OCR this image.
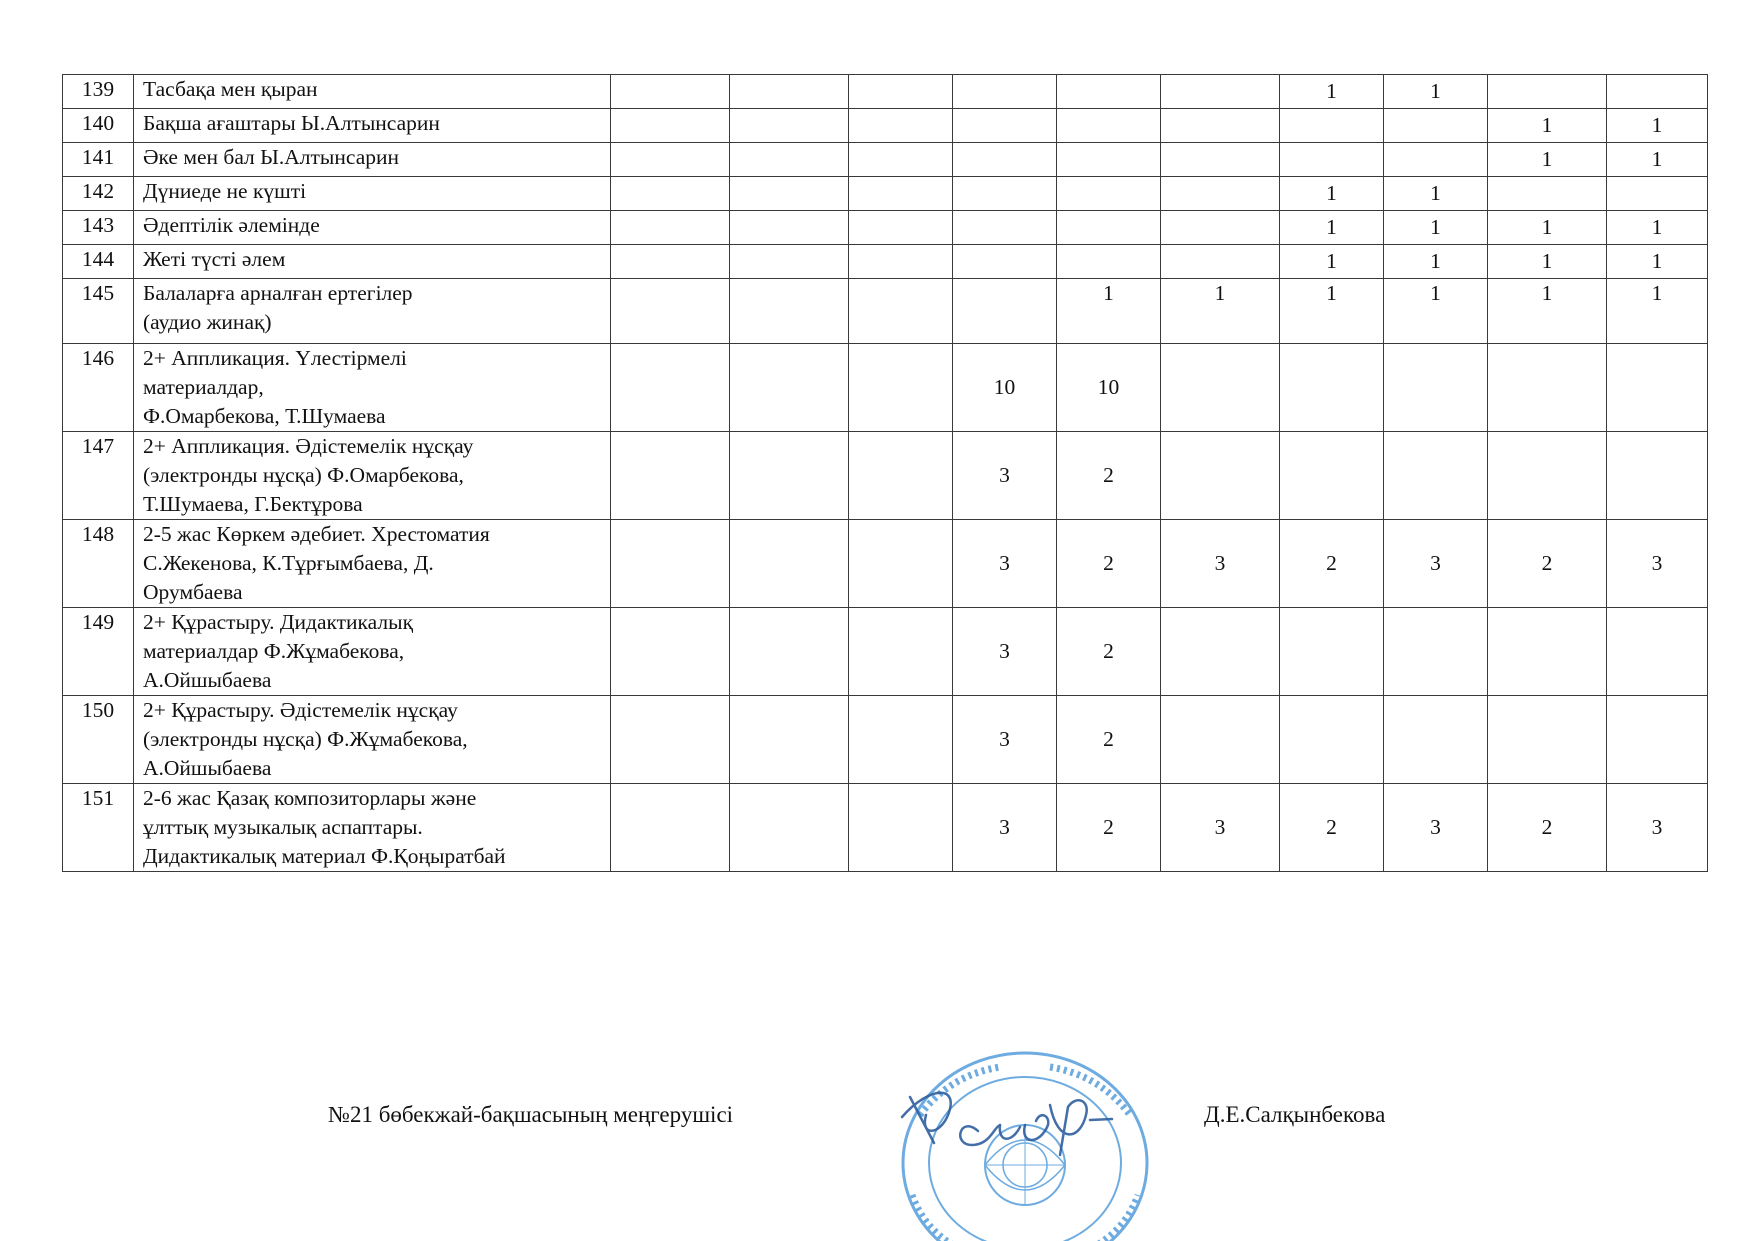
139	Тасбақа мен қыран							1	1		
140	Бақша ағаштары Ы.Алтынсарин									1	1
141	Әке мен бал Ы.Алтынсарин									1	1
142	Дүниеде не күшті							1	1		
143	Әдептілік әлемінде							1	1	1	1
144	Жеті түсті әлем							1	1	1	1
145	Балаларға арналған ертегілер
(аудио жинақ)					1	1	1	1	1	1
146	2+ Аппликация. Үлестірмелі
материалдар,
Ф.Омарбекова, Т.Шумаева				10	10					
147	2+ Аппликация. Әдістемелік нұсқау
(электронды нұсқа) Ф.Омарбекова,
Т.Шумаева, Г.Бектұрова				3	2					
148	2-5 жас Көркем әдебиет. Хрестоматия
С.Жекенова, К.Тұрғымбаева, Д.
Орумбаева				3	2	3	2	3	2	3
149	2+ Құрастыру. Дидактикалық
материалдар Ф.Жұмабекова,
А.Ойшыбаева				3	2					
150	2+ Құрастыру. Әдістемелік нұсқау
(электронды нұсқа) Ф.Жұмабекова,
А.Ойшыбаева				3	2					
151	2-6 жас Қазақ композиторлары және
ұлттық музыкалық аспаптары.
Дидактикалық материал Ф.Қоңыратбай				3	2	3	2	3	2	3
№21 бөбекжай-бақшасының меңгерушісі	Д.Е.Салқынбекова
